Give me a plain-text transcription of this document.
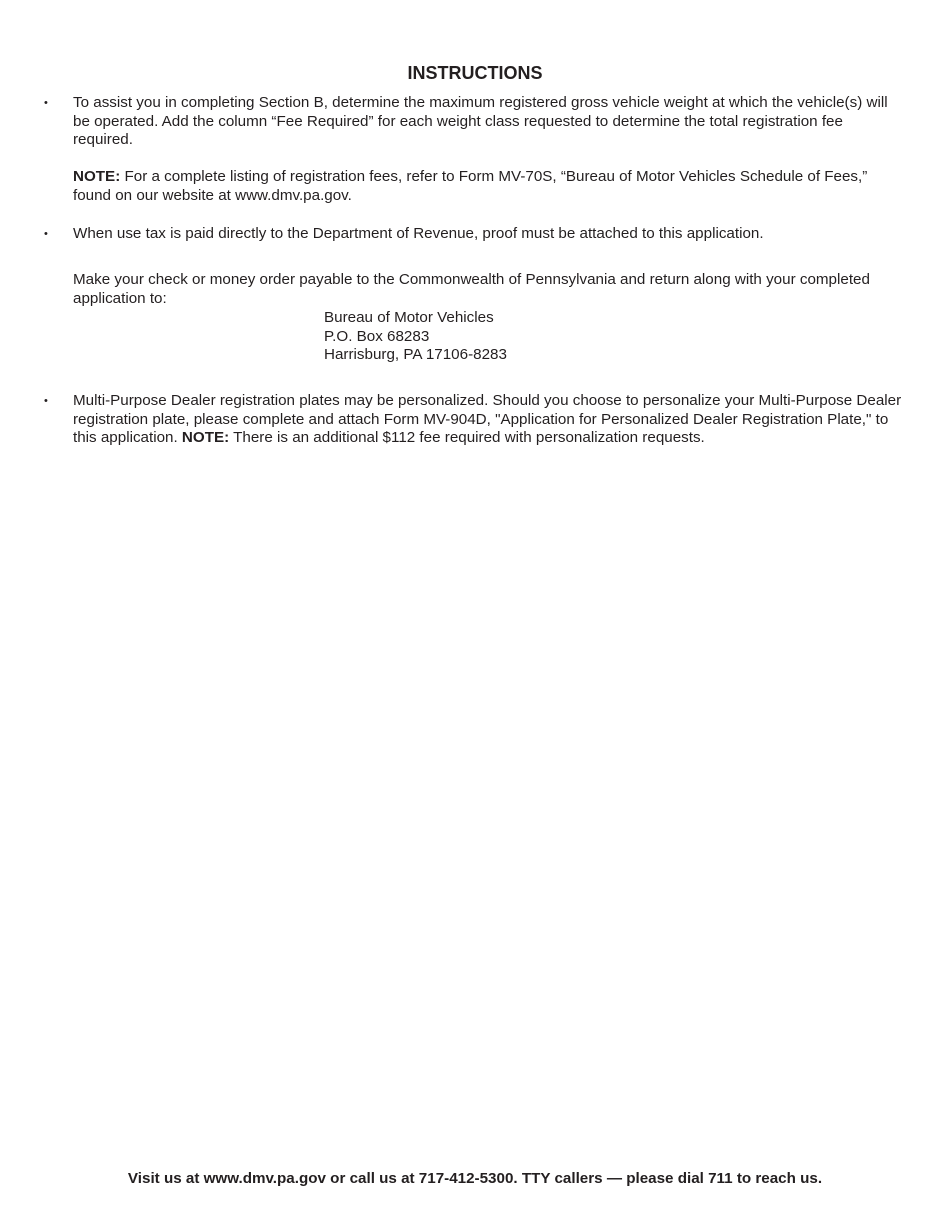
INSTRUCTIONS
• To assist you in completing Section B, determine the maximum registered gross vehicle weight at which the vehicle(s) will be operated. Add the column “Fee Required” for each weight class requested to determine the total registration fee required.

NOTE: For a complete listing of registration fees, refer to Form MV-70S, “Bureau of Motor Vehicles Schedule of Fees,” found on our website at www.dmv.pa.gov.

• When use tax is paid directly to the Department of Revenue, proof must be attached to this application.

Make your check or money order payable to the Commonwealth of Pennsylvania and return along with your completed application to:

Bureau of Motor Vehicles
P.O. Box 68283
Harrisburg, PA 17106-8283
• Multi-Purpose Dealer registration plates may be personalized. Should you choose to personalize your Multi-Purpose Dealer registration plate, please complete and attach Form MV-904D, "Application for Personalized Dealer Registration Plate," to this application. NOTE: There is an additional $112 fee required with personalization requests.

Visit us at www.dmv.pa.gov or call us at 717-412-5300. TTY callers — please dial 711 to reach us.
